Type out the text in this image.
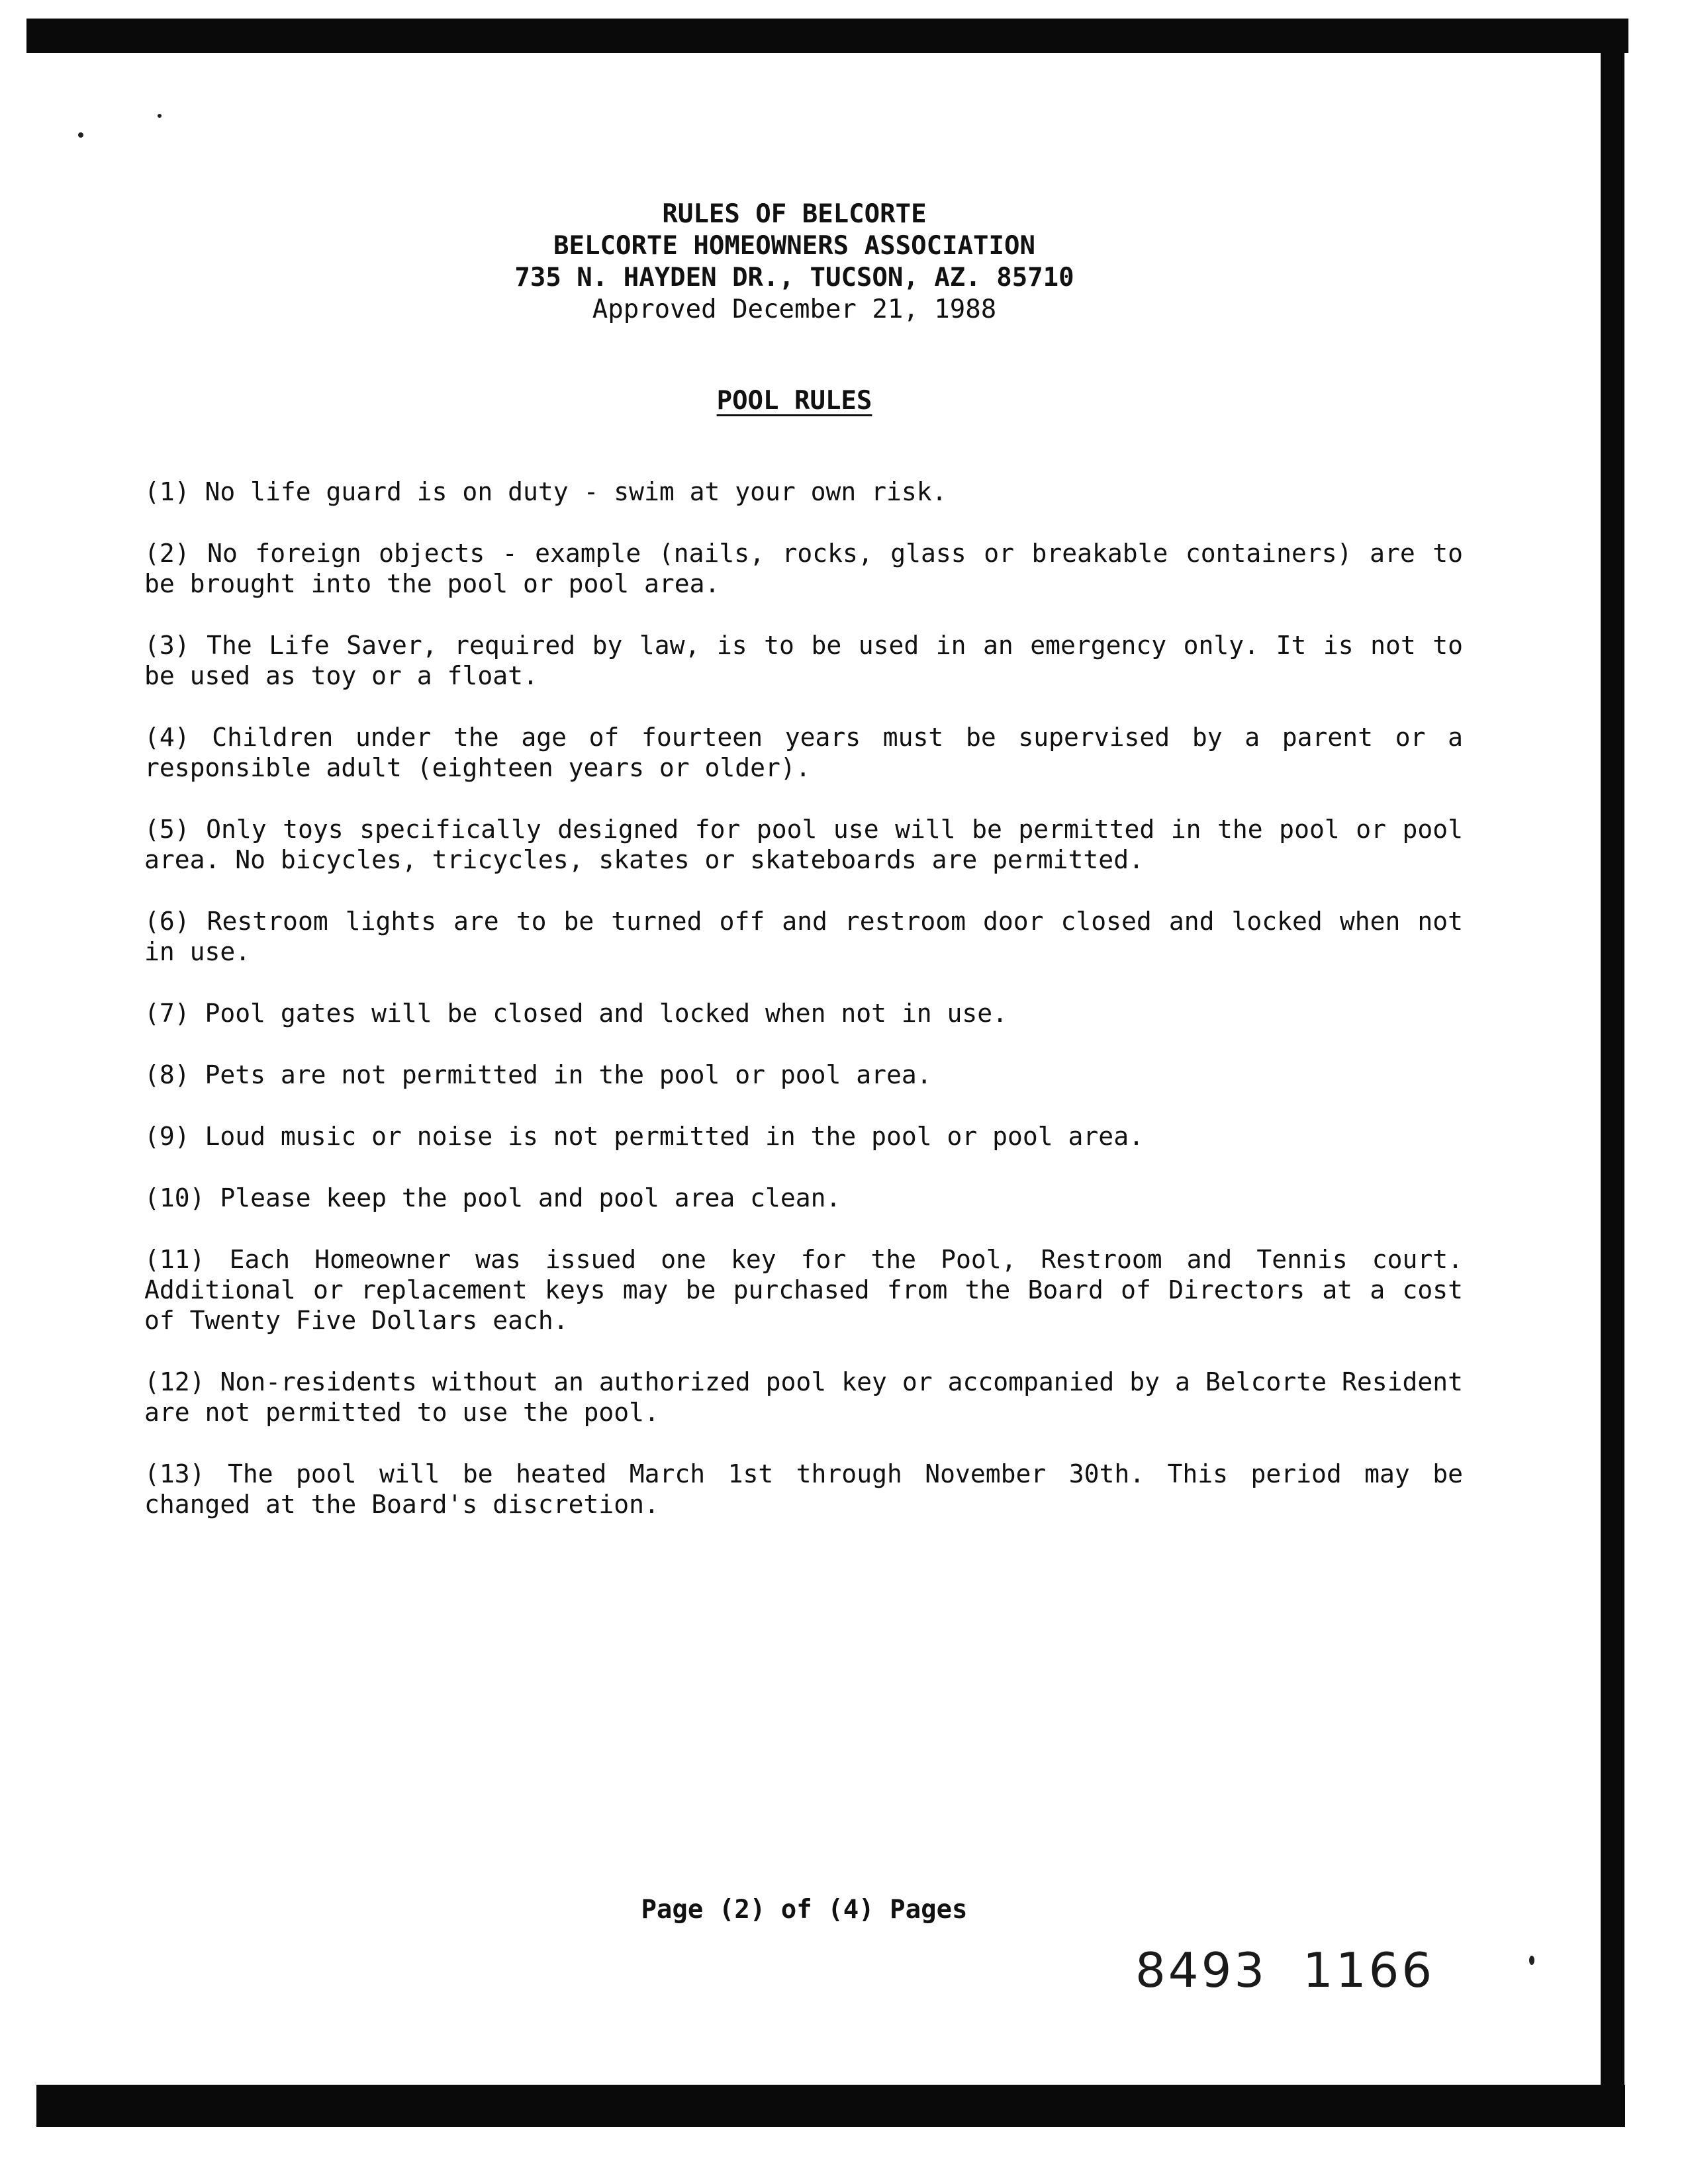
RULES OF BELCORTE
BELCORTE HOMEOWNERS ASSOCIATION
735 N. HAYDEN DR., TUCSON, AZ. 85710
Approved December 21, 1988
POOL RULES
(1) No life guard is on duty - swim at your own risk.
(2) No foreign objects - example (nails, rocks, glass or breakable containers) are to be brought into the pool or pool area.
(3) The Life Saver, required by law, is to be used in an emergency only. It is not to be used as toy or a float.
(4) Children under the age of fourteen years must be supervised by a parent or a responsible adult (eighteen years or older).
(5) Only toys specifically designed for pool use will be permitted in the pool or pool area. No bicycles, tricycles, skates or skateboards are permitted.
(6) Restroom lights are to be turned off and restroom door closed and locked when not in use.
(7) Pool gates will be closed and locked when not in use.
(8) Pets are not permitted in the pool or pool area.
(9) Loud music or noise is not permitted in the pool or pool area.
(10) Please keep the pool and pool area clean.
(11) Each Homeowner was issued one key for the Pool, Restroom and Tennis court. Additional or replacement keys may be purchased from the Board of Directors at a cost of Twenty Five Dollars each.
(12) Non-residents without an authorized pool key or accompanied by a Belcorte Resident are not permitted to use the pool.
(13) The pool will be heated March 1st through November 30th. This period may be changed at the Board's discretion.
Page (2) of (4) Pages
8493  1166
